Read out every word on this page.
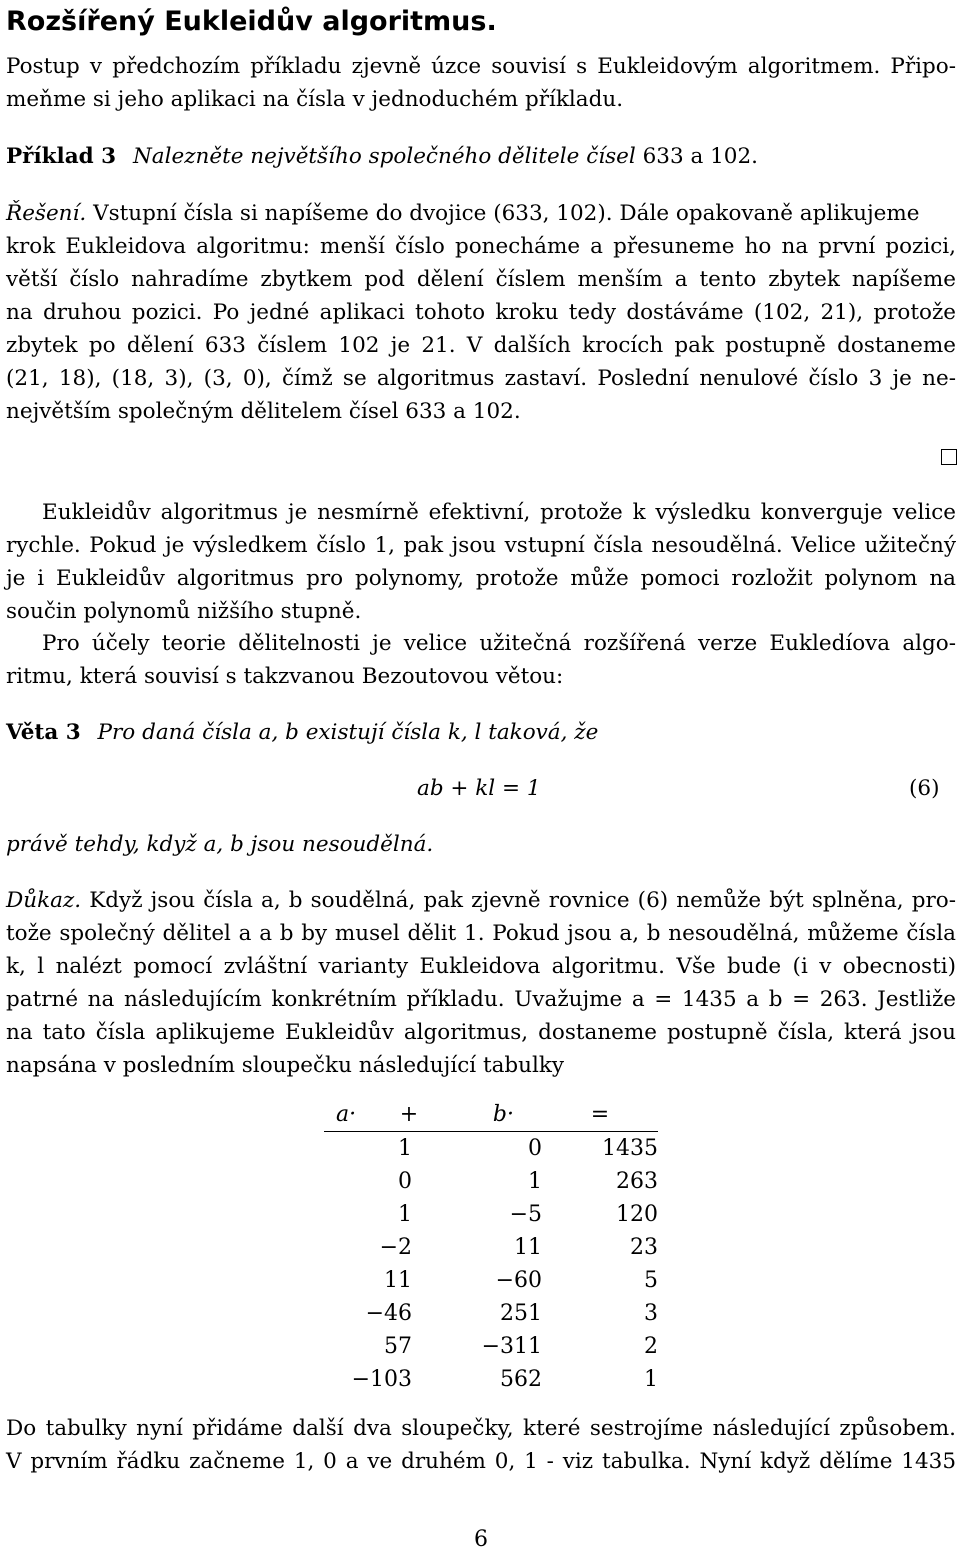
Rozšířený Eukleidův algoritmus.
Postup v předchozím příkladu zjevně úzce souvisí s Eukleidovým algoritmem. Připo-
meňme si jeho aplikaci na čísla v jednoduchém příkladu.
Příklad 3 Nalezněte největšího společného dělitele čísel 633 a 102.
Řešení. Vstupní čísla si napíšeme do dvojice (633, 102). Dále opakovaně aplikujeme
krok Eukleidova algoritmu: menší číslo ponecháme a přesuneme ho na první pozici,
větší číslo nahradíme zbytkem pod dělení číslem menším a tento zbytek napíšeme
na druhou pozici. Po jedné aplikaci tohoto kroku tedy dostáváme (102, 21), protože
zbytek po dělení 633 číslem 102 je 21. V dalších krocích pak postupně dostaneme
(21, 18), (18, 3), (3, 0), čímž se algoritmus zastaví. Poslední nenulové číslo 3 je ne-
největším společným dělitelem čísel 633 a 102.
Eukleidův algoritmus je nesmírně efektivní, protože k výsledku konverguje velice
rychle. Pokud je výsledkem číslo 1, pak jsou vstupní čísla nesoudělná. Velice užitečný
je i Eukleidův algoritmus pro polynomy, protože může pomoci rozložit polynom na
součin polynomů nižšího stupně.
Pro účely teorie dělitelnosti je velice užitečná rozšířená verze Eukledíova algo-
ritmu, která souvisí s takzvanou Bezoutovou větou:
Věta 3 Pro daná čísla a, b existují čísla k, l taková, že
ab + kl = 1	(6)
právě tehdy, když a, b jsou nesoudělná.
Důkaz. Když jsou čísla a, b soudělná, pak zjevně rovnice (6) nemůže být splněna, pro-
tože společný dělitel a a b by musel dělit 1. Pokud jsou a, b nesoudělná, můžeme čísla
k, l nalézt pomocí zvláštní varianty Eukleidova algoritmu. Vše bude (i v obecnosti)
patrné na následujícím konkrétním příkladu. Uvažujme a = 1435 a b = 263. Jestliže
na tato čísla aplikujeme Eukleidův algoritmus, dostaneme postupně čísla, která jsou
napsána v posledním sloupečku následující tabulky
a· + b·		=
1	0	1435
0	1	263
1	−5	120
−2	11	23
11	−60	5
−46	251	3
57	−311	2
−103	562	1
Do tabulky nyní přidáme další dva sloupečky, které sestrojíme následující způsobem.
V prvním řádku začneme 1, 0 a ve druhém 0, 1 - viz tabulka. Nyní když dělíme 1435
6
